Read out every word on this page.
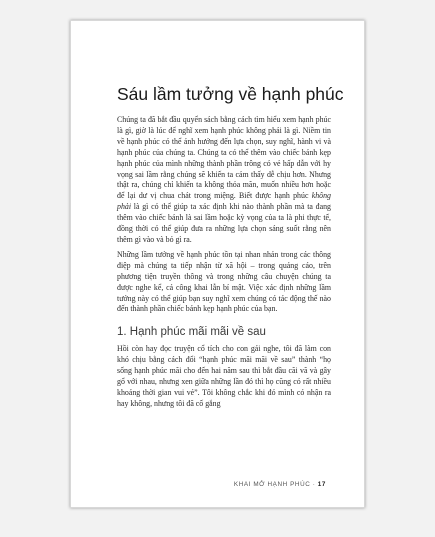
Sáu lầm tưởng về hạnh phúc

Chúng ta đã bắt đầu quyển sách bằng cách tìm hiểu xem hạnh phúc là gì, giờ là lúc để nghĩ xem hạnh phúc không phải là gì. Niềm tin về hạnh phúc có thể ảnh hưởng đến lựa chọn, suy nghĩ, hành vi và hạnh phúc của chúng ta. Chúng ta có thể thêm vào chiếc bánh kẹp hạnh phúc của mình những thành phần trông có vẻ hấp dẫn với hy vọng sai lầm rằng chúng sẽ khiến ta cảm thấy dễ chịu hơn. Nhưng thật ra, chúng chỉ khiến ta không thỏa mãn, muốn nhiều hơn hoặc để lại dư vị chua chát trong miệng. Biết được hạnh phúc không phải là gì có thể giúp ta xác định khi nào thành phần mà ta đang thêm vào chiếc bánh là sai lầm hoặc kỳ vọng của ta là phi thực tế, đồng thời có thể giúp đưa ra những lựa chọn sáng suốt rằng nên thêm gì vào và bỏ gì ra.

Những lầm tưởng về hạnh phúc tồn tại nhan nhản trong các thông điệp mà chúng ta tiếp nhận từ xã hội – trong quảng cáo, trên phương tiện truyền thông và trong những câu chuyện chúng ta được nghe kể, cả công khai lẫn bí mật. Việc xác định những lầm tưởng này có thể giúp bạn suy nghĩ xem chúng có tác động thế nào đến thành phần chiếc bánh kẹp hạnh phúc của bạn.

1. Hạnh phúc mãi mãi về sau

Hồi còn hay đọc truyện cổ tích cho con gái nghe, tôi đã làm con khó chịu bằng cách đổi “hạnh phúc mãi mãi về sau” thành “họ sống hạnh phúc mãi cho đến hai năm sau thì bắt đầu cãi vã và gây gổ với nhau, nhưng xen giữa những lần đó thì họ cũng có rất nhiều khoảng thời gian vui vẻ”. Tôi không chắc khi đó mình có nhận ra hay không, nhưng tôi đã cố gắng

KHAI MỞ HẠNH PHÚC · 17
